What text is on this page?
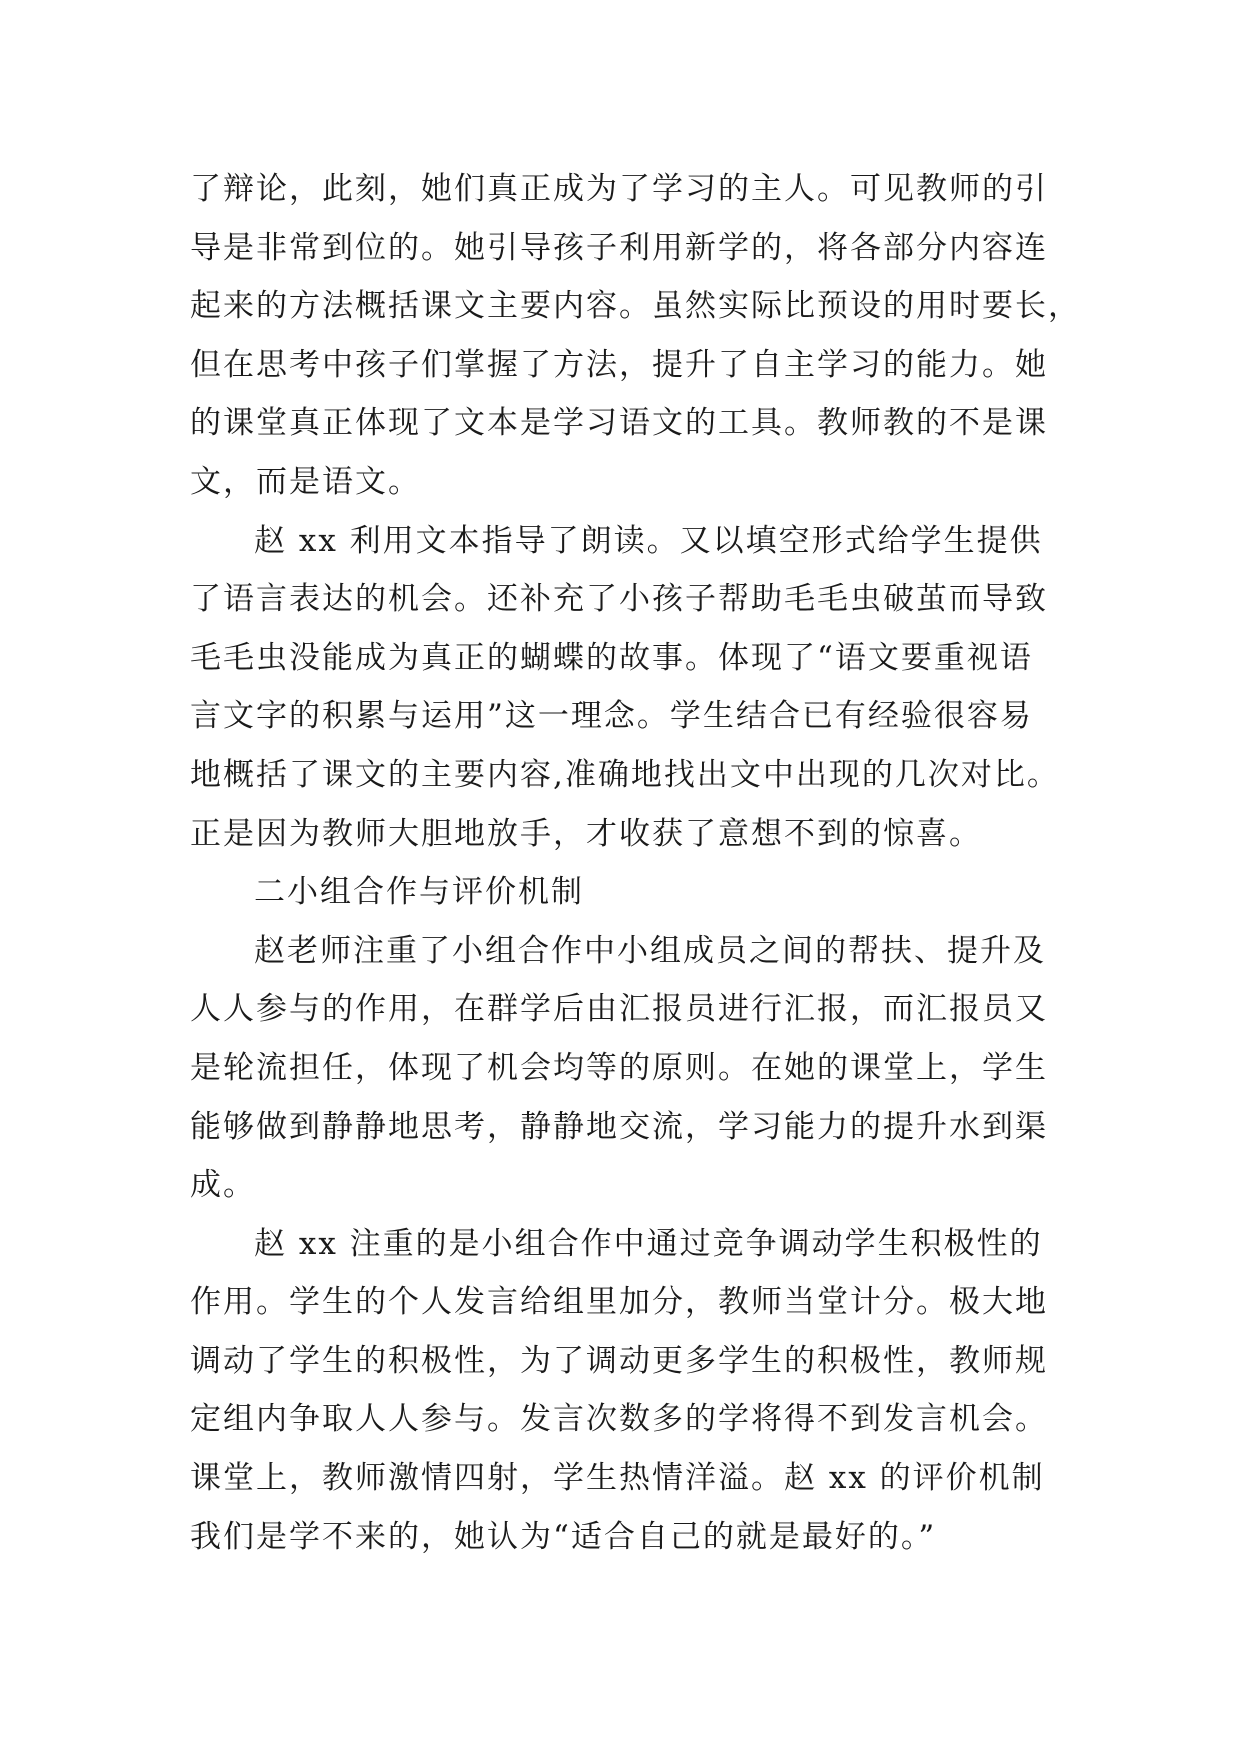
了辩论，此刻，她们真正成为了学习的主人。可见教师的引
导是非常到位的。她引导孩子利用新学的，将各部分内容连
起来的方法概括课文主要内容。虽然实际比预设的用时要长，
但在思考中孩子们掌握了方法，提升了自主学习的能力。她
的课堂真正体现了文本是学习语文的工具。教师教的不是课
文，而是语文。
赵 xx 利用文本指导了朗读。又以填空形式给学生提供
了语言表达的机会。还补充了小孩子帮助毛毛虫破茧而导致
毛毛虫没能成为真正的蝴蝶的故事。体现了“语文要重视语
言文字的积累与运用”这一理念。学生结合已有经验很容易
地概括了课文的主要内容,准确地找出文中出现的几次对比。
正是因为教师大胆地放手，才收获了意想不到的惊喜。
二小组合作与评价机制
赵老师注重了小组合作中小组成员之间的帮扶、提升及
人人参与的作用，在群学后由汇报员进行汇报，而汇报员又
是轮流担任，体现了机会均等的原则。在她的课堂上，学生
能够做到静静地思考，静静地交流，学习能力的提升水到渠
成。
赵 xx 注重的是小组合作中通过竞争调动学生积极性的
作用。学生的个人发言给组里加分，教师当堂计分。极大地
调动了学生的积极性，为了调动更多学生的积极性，教师规
定组内争取人人参与。发言次数多的学将得不到发言机会。
课堂上，教师激情四射，学生热情洋溢。赵 xx 的评价机制
我们是学不来的，她认为“适合自己的就是最好的。”
